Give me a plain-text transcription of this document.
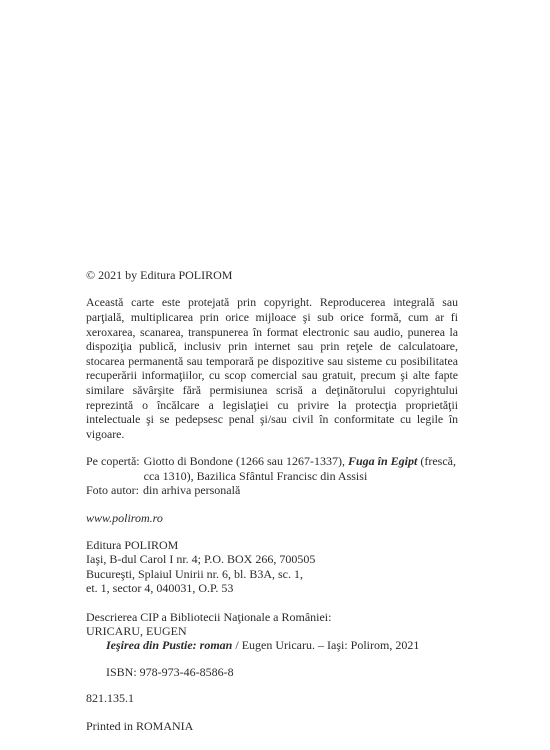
© 2021 by Editura POLIROM
Această carte este protejată prin copyright. Reproducerea integrală sau parţială, multiplicarea prin orice mijloace şi sub orice formă, cum ar fi xeroxarea, scanarea, transpunerea în format electronic sau audio, punerea la dispoziţia publică, inclusiv prin internet sau prin reţele de calculatoare, stocarea permanentă sau temporară pe dispozitive sau sisteme cu posibilitatea recuperării informaţiilor, cu scop comercial sau gratuit, precum şi alte fapte similare săvârşite fără permisiunea scrisă a deţinătorului copyrightului reprezintă o încălcare a legislaţiei cu privire la protecţia proprietăţii intelectuale şi se pedepsesc penal şi/sau civil în conformitate cu legile în vigoare.
Pe copertă: Giotto di Bondone (1266 sau 1267-1337), Fuga în Egipt (frescă,
cca 1310), Bazilica Sfântul Francisc din Assisi
Foto autor: din arhiva personală
www.polirom.ro
Editura POLIROM
Iaşi, B-dul Carol I nr. 4; P.O. BOX 266, 700505
Bucureşti, Splaiul Unirii nr. 6, bl. B3A, sc. 1,
et. 1, sector 4, 040031, O.P. 53
Descrierea CIP a Bibliotecii Naţionale a României:
URICARU, EUGEN
Ieşirea din Pustie: roman / Eugen Uricaru. – Iaşi: Polirom, 2021
ISBN: 978-973-46-8586-8
821.135.1
Printed in ROMANIA
